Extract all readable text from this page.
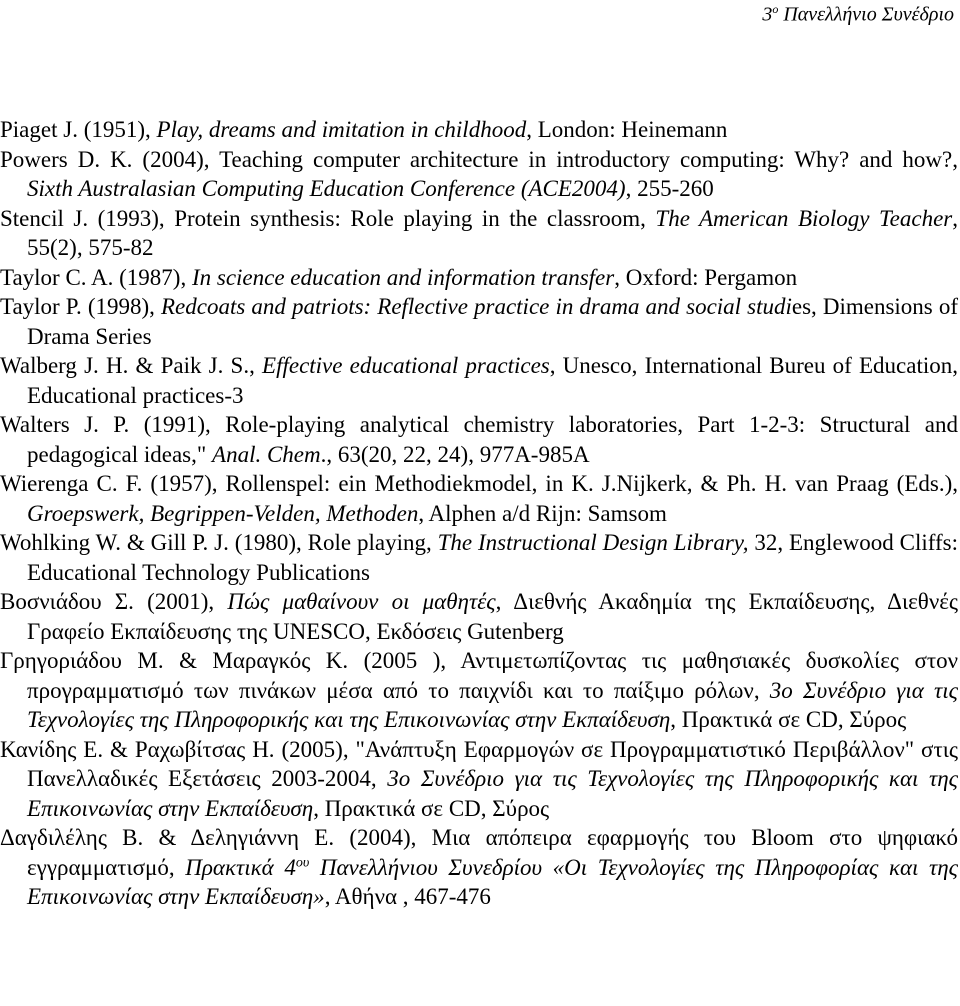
$3^o$ Πανελλήνιο Συνέδριο
Piaget J. (1951), Play, dreams and imitation in childhood, London: Heinemann
Powers D. K. (2004), Teaching computer architecture in introductory computing: Why? and how?, Sixth Australasian Computing Education Conference (ACE2004), 255-260
Stencil J. (1993), Protein synthesis: Role playing in the classroom, The American Biology Teacher, 55(2), 575-82
Taylor C. A. (1987), In science education and information transfer, Oxford: Pergamon
Taylor P. (1998), Redcoats and patriots: Reflective practice in drama and social studies, Dimensions of Drama Series
Walberg J. H. & Paik J. S., Effective educational practices, Unesco, International Bureu of Education, Educational practices-3
Walters J. P. (1991), Role-playing analytical chemistry laboratories, Part 1-2-3: Structural and pedagogical ideas," Anal. Chem., 63(20, 22, 24), 977A-985A
Wierenga C. F. (1957), Rollenspel: ein Methodiekmodel, in K. J.Nijkerk, & Ph. H. van Praag (Eds.), Groepswerk, Begrippen-Velden, Methoden, Alphen a/d Rijn: Samsom
Wohlking W. & Gill P. J. (1980), Role playing, The Instructional Design Library, 32, Englewood Cliffs: Educational Technology Publications
Βοσνιάδου Σ. (2001), Πώς μαθαίνουν οι μαθητές, Διεθνής Ακαδημία της Εκπαίδευσης, Διεθνές Γραφείο Εκπαίδευσης της UNESCO, Εκδόσεις Gutenberg
Γρηγοριάδου Μ. & Μαραγκός Κ. (2005 ), Αντιμετωπίζοντας τις μαθησιακές δυσκολίες στον προγραμματισμό των πινάκων μέσα από το παιχνίδι και το παίξιμο ρόλων, 3ο Συνέδριο για τις Τεχνολογίες της Πληροφορικής και της Επικοινωνίας στην Εκπαίδευση, Πρακτικά σε CD, Σύρος
Κανίδης Ε. & Ραχωβίτσας Η. (2005), "Ανάπτυξη Εφαρμογών σε Προγραμματιστικό Περιβάλλον" στις Πανελλαδικές Εξετάσεις 2003-2004, 3ο Συνέδριο για τις Τεχνολογίες της Πληροφορικής και της Επικοινωνίας στην Εκπαίδευση, Πρακτικά σε CD, Σύρος
Δαγδιλέλης Β. & Δεληγιάννη Ε. (2004), Μια απόπειρα εφαρμογής του Bloom στο ψηφιακό εγγραμματισμό, Πρακτικά $4^{o\upsilon}$ Πανελλήνιου Συνεδρίου «Οι Τεχνολογίες της Πληροφορίας και της Επικοινωνίας στην Εκπαίδευση», Αθήνα , 467-476
